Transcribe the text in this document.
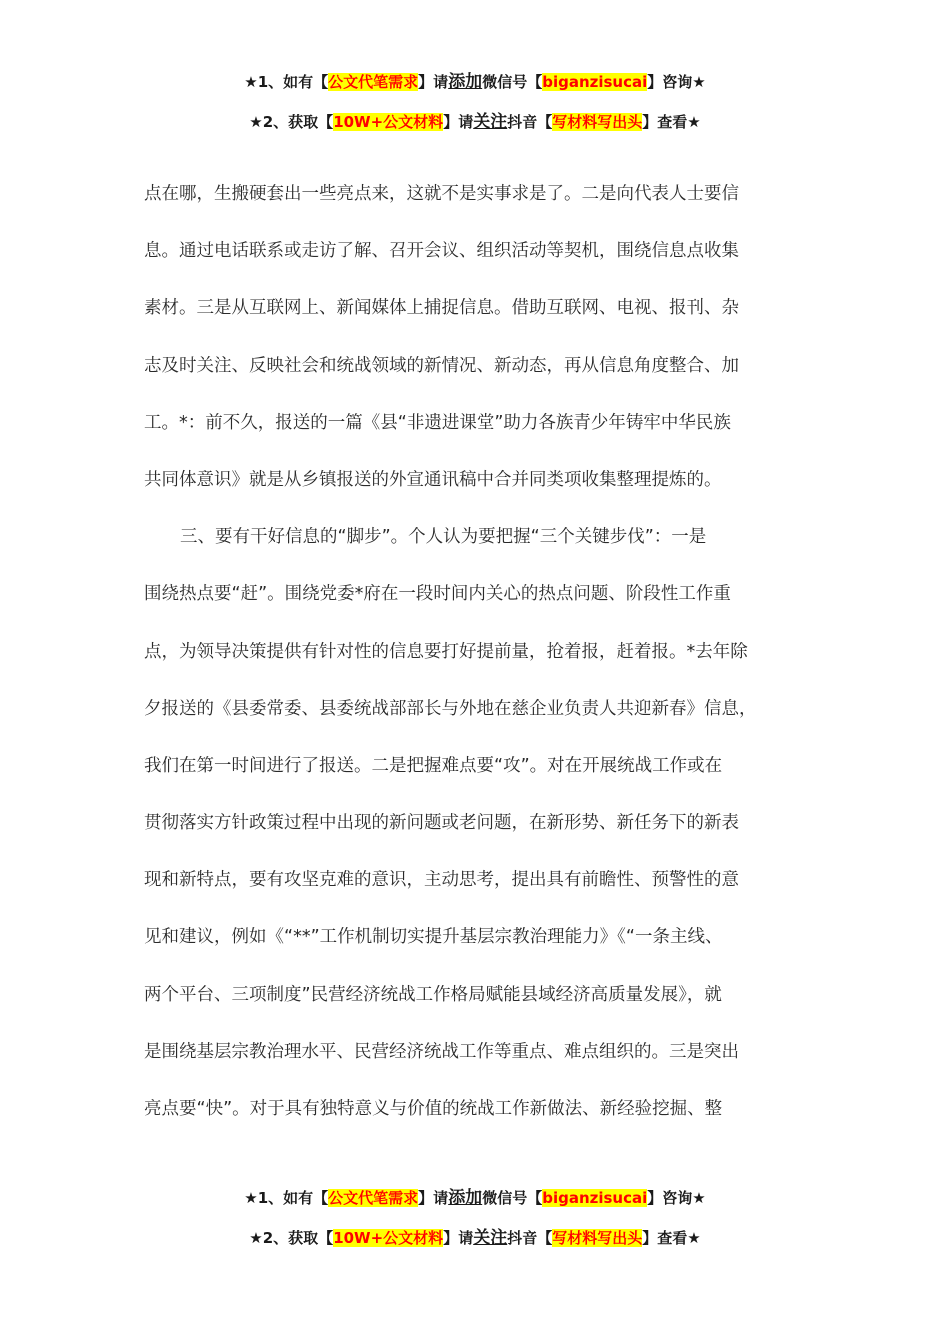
★1、如有【公文代笔需求】请添加微信号【biganzisucai】咨询★
★2、获取【10W+公文材料】请关注抖音【写材料写出头】查看★
点在哪，生搬硬套出一些亮点来，这就不是实事求是了。二是向代表人士要信
息。通过电话联系或走访了解、召开会议、组织活动等契机，围绕信息点收集
素材。三是从互联网上、新闻媒体上捕捉信息。借助互联网、电视、报刊、杂
志及时关注、反映社会和统战领域的新情况、新动态，再从信息角度整合、加
工。*：前不久，报送的一篇《县“非遗进课堂”助力各族青少年铸牢中华民族
共同体意识》就是从乡镇报送的外宣通讯稿中合并同类项收集整理提炼的。
三、要有干好信息的“脚步”。个人认为要把握“三个关键步伐”：一是
围绕热点要“赶”。围绕党委*府在一段时间内关心的热点问题、阶段性工作重
点，为领导决策提供有针对性的信息要打好提前量，抢着报，赶着报。*去年除
夕报送的《县委常委、县委统战部部长与外地在慈企业负责人共迎新春》信息，
我们在第一时间进行了报送。二是把握难点要“攻”。对在开展统战工作或在
贯彻落实方针政策过程中出现的新问题或老问题，在新形势、新任务下的新表
现和新特点，要有攻坚克难的意识，主动思考，提出具有前瞻性、预警性的意
见和建议，例如《“**”工作机制切实提升基层宗教治理能力》《“一条主线、
两个平台、三项制度”民营经济统战工作格局赋能县域经济高质量发展》，就
是围绕基层宗教治理水平、民营经济统战工作等重点、难点组织的。三是突出
亮点要“快”。对于具有独特意义与价值的统战工作新做法、新经验挖掘、整
★1、如有【公文代笔需求】请添加微信号【biganzisucai】咨询★
★2、获取【10W+公文材料】请关注抖音【写材料写出头】查看★
